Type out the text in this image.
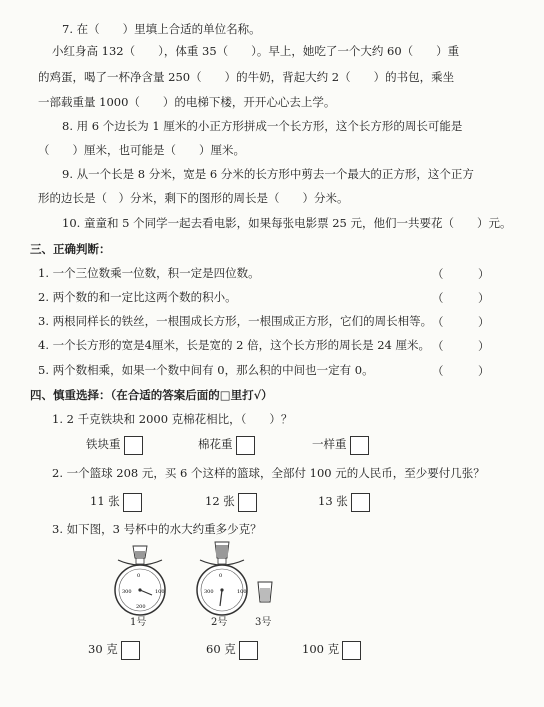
7. 在（　　）里填上合适的单位名称。
小红身高 132（　　），体重 35（　　）。早上，她吃了一个大约 60（　　）重
的鸡蛋，喝了一杯净含量 250（　　）的牛奶，背起大约 2（　　）的书包，乘坐
一部载重量 1000（　　）的电梯下楼，开开心心去上学。
8. 用 6 个边长为 1 厘米的小正方形拼成一个长方形，这个长方形的周长可能是
（　　）厘米，也可能是（　　）厘米。
9. 从一个长是 8 分米，宽是 6 分米的长方形中剪去一个最大的正方形，这个正方
形的边长是（　）分米，剩下的图形的周长是（　　）分米。
10. 童童和 5 个同学一起去看电影，如果每张电影票 25 元，他们一共要花（　　）元。
三、正确判断：
1. 一个三位数乘一位数，积一定是四位数。	（　　　）
2. 两个数的和一定比这两个数的积小。	（　　　）
3. 两根同样长的铁丝，一根围成长方形，一根围成正方形，它们的周长相等。 （　　　）
4. 一个长方形的宽是4厘米，长是宽的 2 倍，这个长方形的周长是 24 厘米。 （　　　）
5. 两个数相乘，如果一个数中间有 0，那么积的中间也一定有 0。	（　　　）
四、慎重选择：（在合适的答案后面的□里打√）
1. 2 千克铁块和 2000 克棉花相比，（　　）？
铁块重	棉花重	一样重
2. 一个篮球 208 元，买 6 个这样的篮球，全部付 100 元的人民币，至少要付几张？
11 张	12 张	13 张
3. 如下图，3 号杯中的水大约重多少克？
0
100
300
200
0
100
300
1号	2号	3号
30 克	60 克	100 克
